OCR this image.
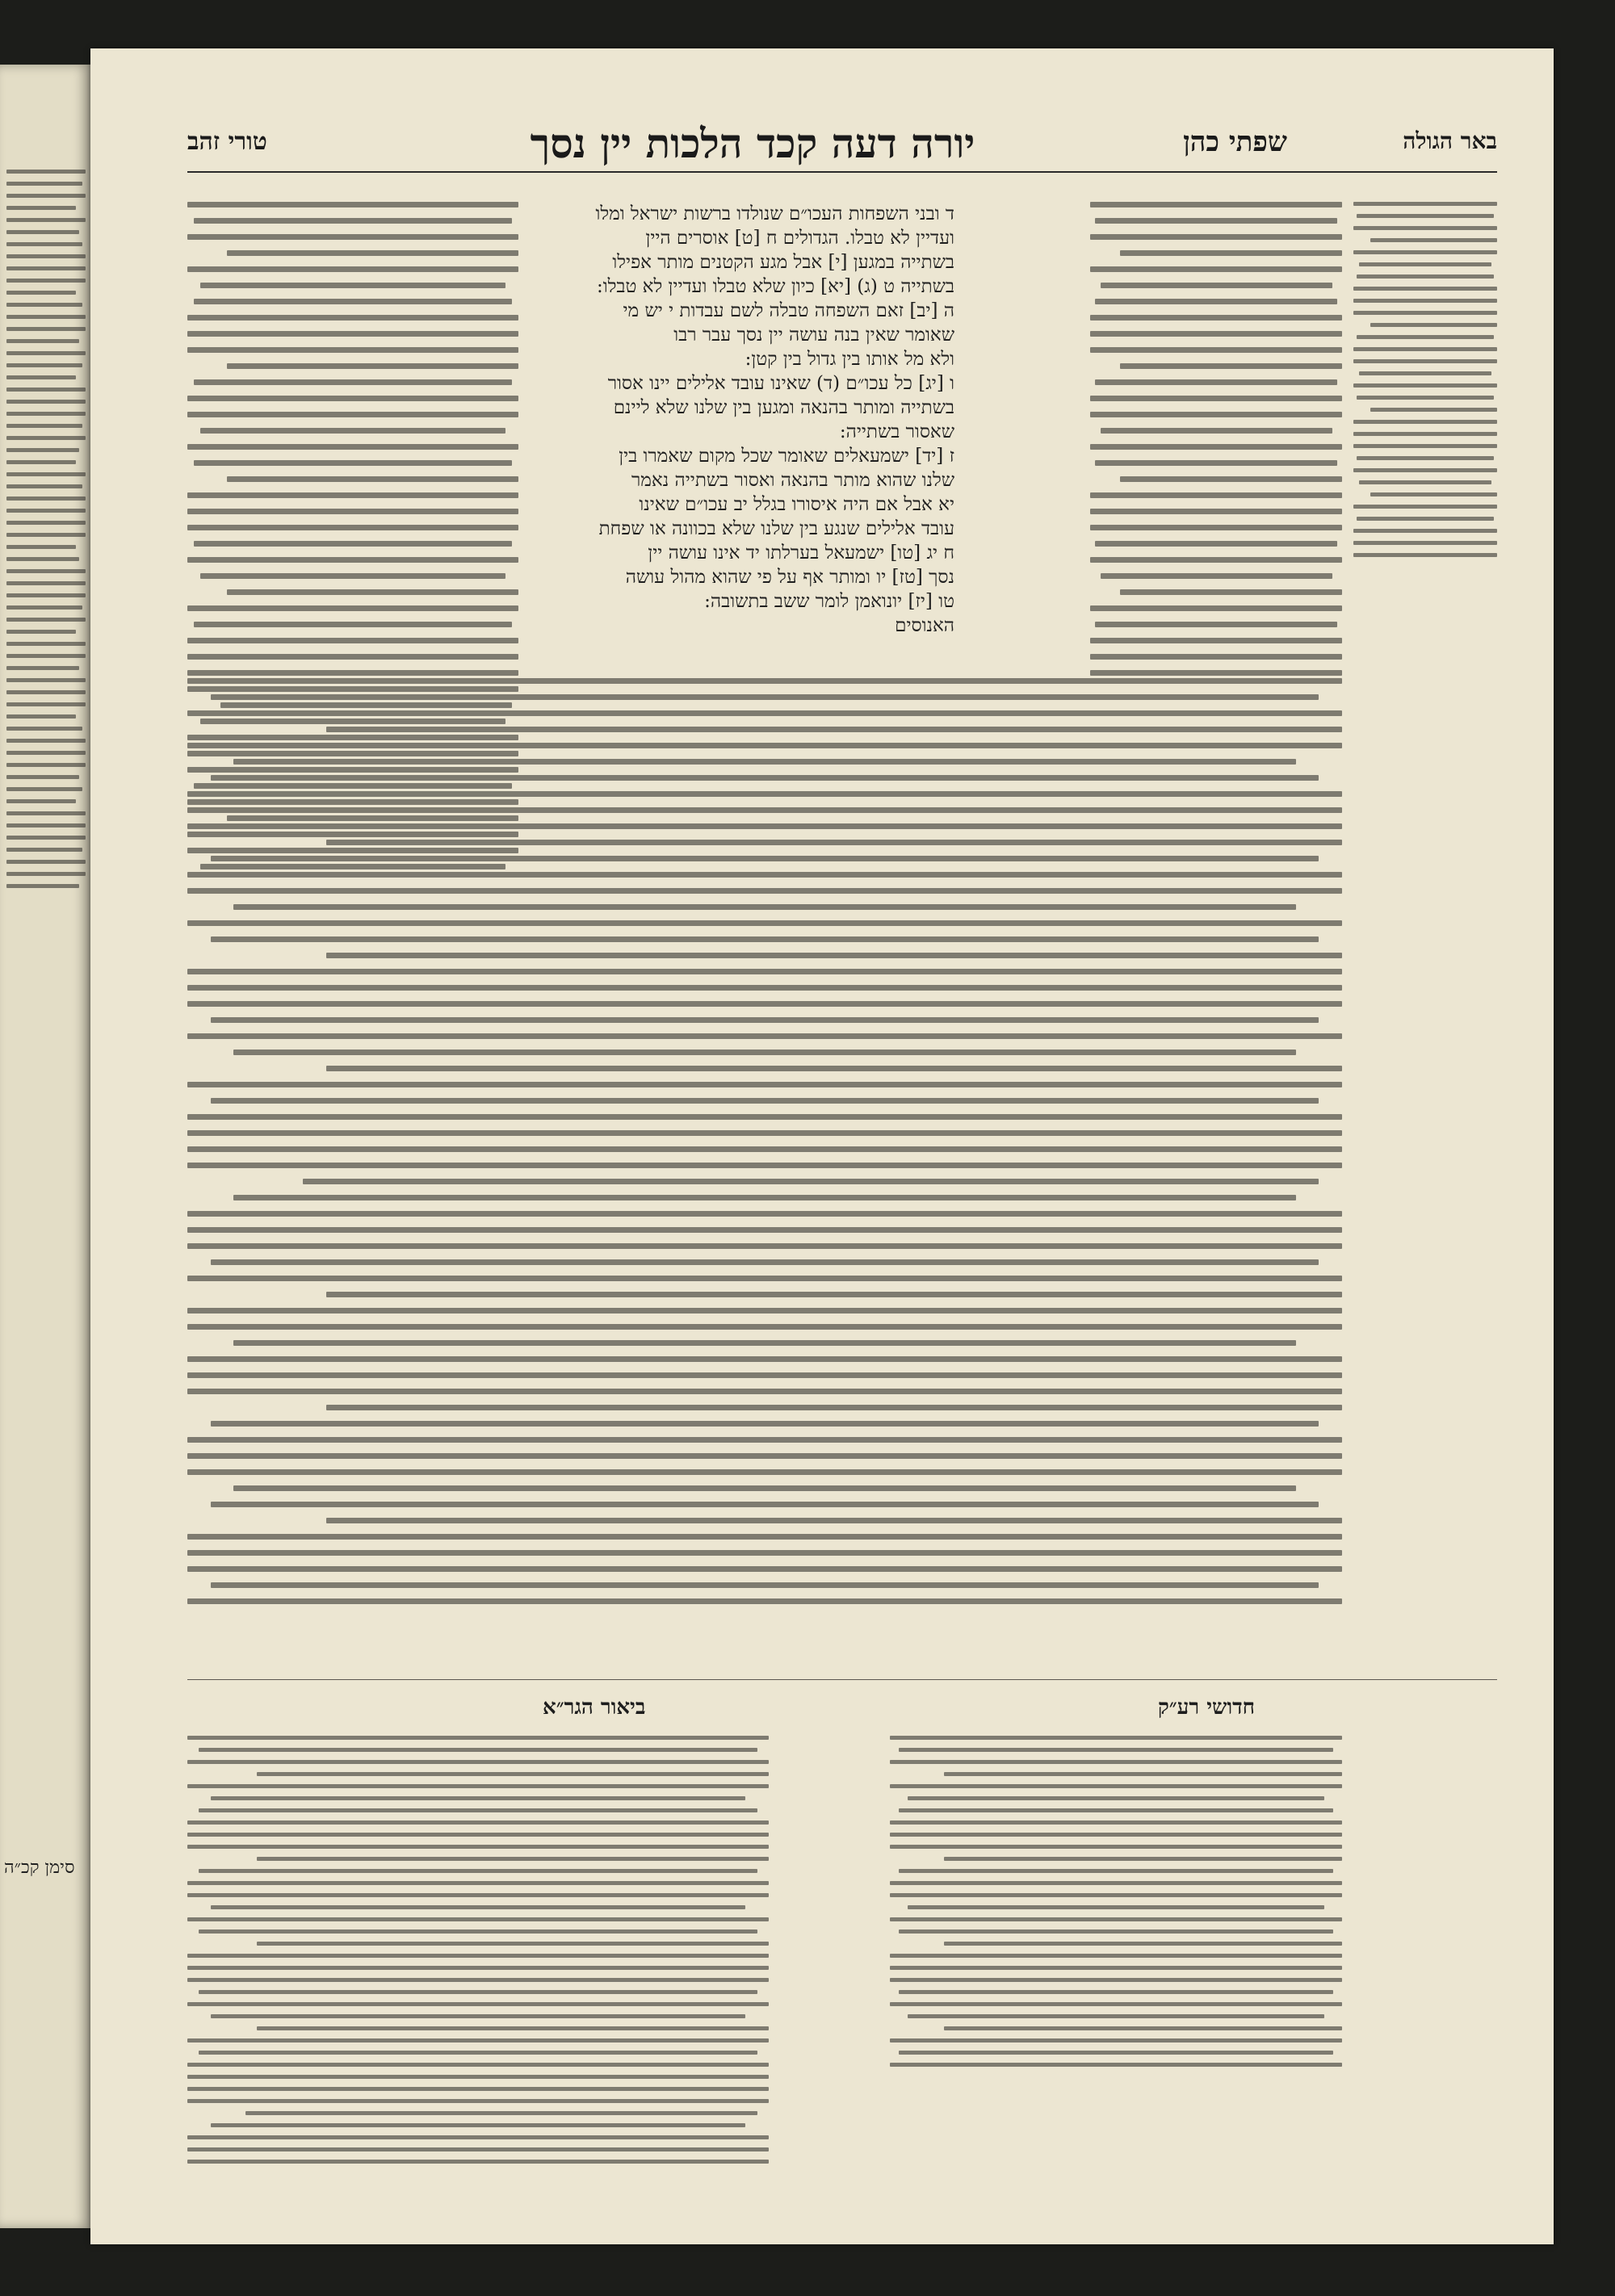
סימן קכ״ה
באר הגולה
שפתי כהן
יורה דעה קכד הלכות יין נסך
טורי זהב
ד ובני השפחות העכו״ם שנולדו ברשות ישראל ומלו
ועדיין לא טבלו. הגדולים ח [ט] אוסרים היין
בשתייה במגען [י] אבל מגע הקטנים מותר אפילו
בשתייה ט (ג) [יא] כיון שלא טבלו ועדיין לא טבלו:
ה [יב] זאם השפחה טבלה לשם עבדות י יש מי
שאומר שאין בנה עושה יין נסך עבר רבו
ולא מל אותו בין גדול בין קטן:
ו [יג] כל עכו״ם (ד) שאינו עובד אלילים יינו אסור
בשתייה ומותר בהנאה ומגען בין שלנו שלא ליינם
שאסור בשתייה:
ז [יד] ישמעאלים שאומר שכל מקום שאמרו בין
שלנו שהוא מותר בהנאה ואסור בשתייה נאמר
יא אבל אם היה איסורו בגלל יב עכו״ם שאינו
עובד אלילים שנגע בין שלנו שלא בכוונה או שפחת
ח יג [טו] ישמעאל בערלתו יד אינו עושה יין
נסך [טז] יו ומותר אף על פי שהוא מהול עושה
טו [יז] יונואמן לומר ששב בתשובה:
האנוסים
חדושי רע״ק
ביאור הגר״א
